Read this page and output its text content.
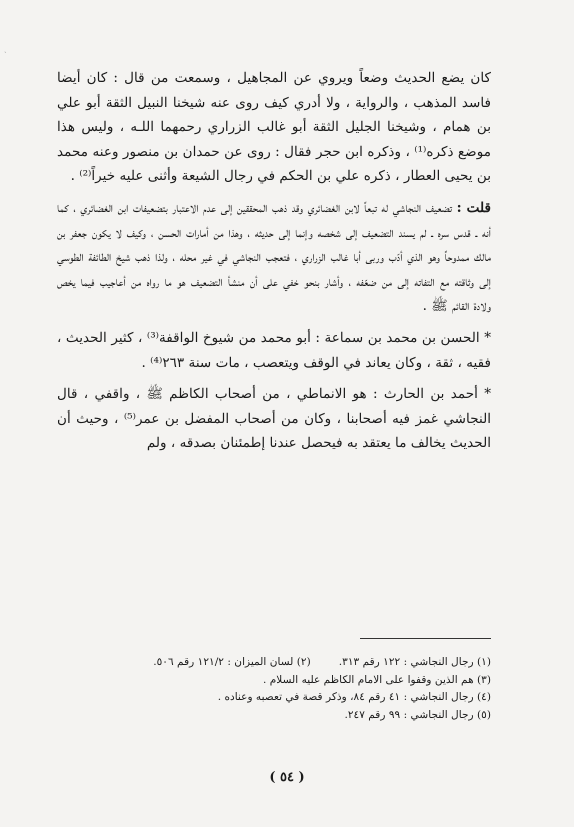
ˏ

كان يضع الحديث وضعاً ويروي عن المجاهيل ، وسمعت من قال : كان أيضا فاسد المذهب ، والرواية ، ولا أدري كيف روى عنه شيخنا النبيل الثقة أبو علي بن همام ، وشيخنا الجليل الثقة أبو غالب الزراري رحمهما اللـه ، وليس هذا موضع ذكره⁽¹⁾ ، وذكره ابن حجر فقال : روى عن حمدان بن منصور وعنه محمد بن يحيى العطار ، ذكره علي بن الحكم في رجال الشيعة وأثنى عليه خيراً⁽²⁾ .

قلت : تضعيف النجاشي له تبعاً لابن الغضائري وقد ذهب المحققين إلى عدم الاعتبار بتضعيفات ابن الغضائري ، كما أنه ـ قدس سره ـ لم يسند التضعيف إلى شخصه وإنما إلى حديثه ، وهذا من أمارات الحسن ، وكيف لا يكون جعفر بن مالك ممدوحاً وهو الذي أدّب وربى أبا غالب الزراري ، فتعجب النجاشي في غير محله ، ولذا ذهب شيخ الطائفة الطوسي إلى وثاقته مع التفاته إلى من ضعّفه ، وأشار بنحو خفي على أن منشأ التضعيف هو ما رواه من أعاجيب فيما يخص ولادة القائم ﷺ .

* الحسن بن محمد بن سماعة : أبو محمد من شيوخ الواقفة⁽³⁾ ، كثير الحديث ، فقيه ، ثقة ، وكان يعاند في الوقف ويتعصب ، مات سنة ٢٦٣⁽⁴⁾ .

* أحمد بن الحارث : هو الانماطي ، من أصحاب الكاظم ﷺ ، واقفي ، قال النجاشي غمز فيه أصحابنا ، وكان من أصحاب المفضل بن عمر⁽⁵⁾ ، وحيث أن الحديث يخالف ما يعتقد به فيحصل عندنا إطمئنان بصدقه ، ولم

(١) رجال النجاشي : ١٢٢ رقم ٣١٣.
(٢) لسان الميزان : ١٢١/٢ رقم ٥٠٦.
(٣) هم الذين وقفوا على الامام الكاظم عليه السلام .
(٤) رجال النجاشي : ٤١ رقم ٨٤، وذكر قصة في تعصبه وعناده .
(٥) رجال النجاشي : ٩٩ رقم ٢٤٧.
( ٥٤ )
